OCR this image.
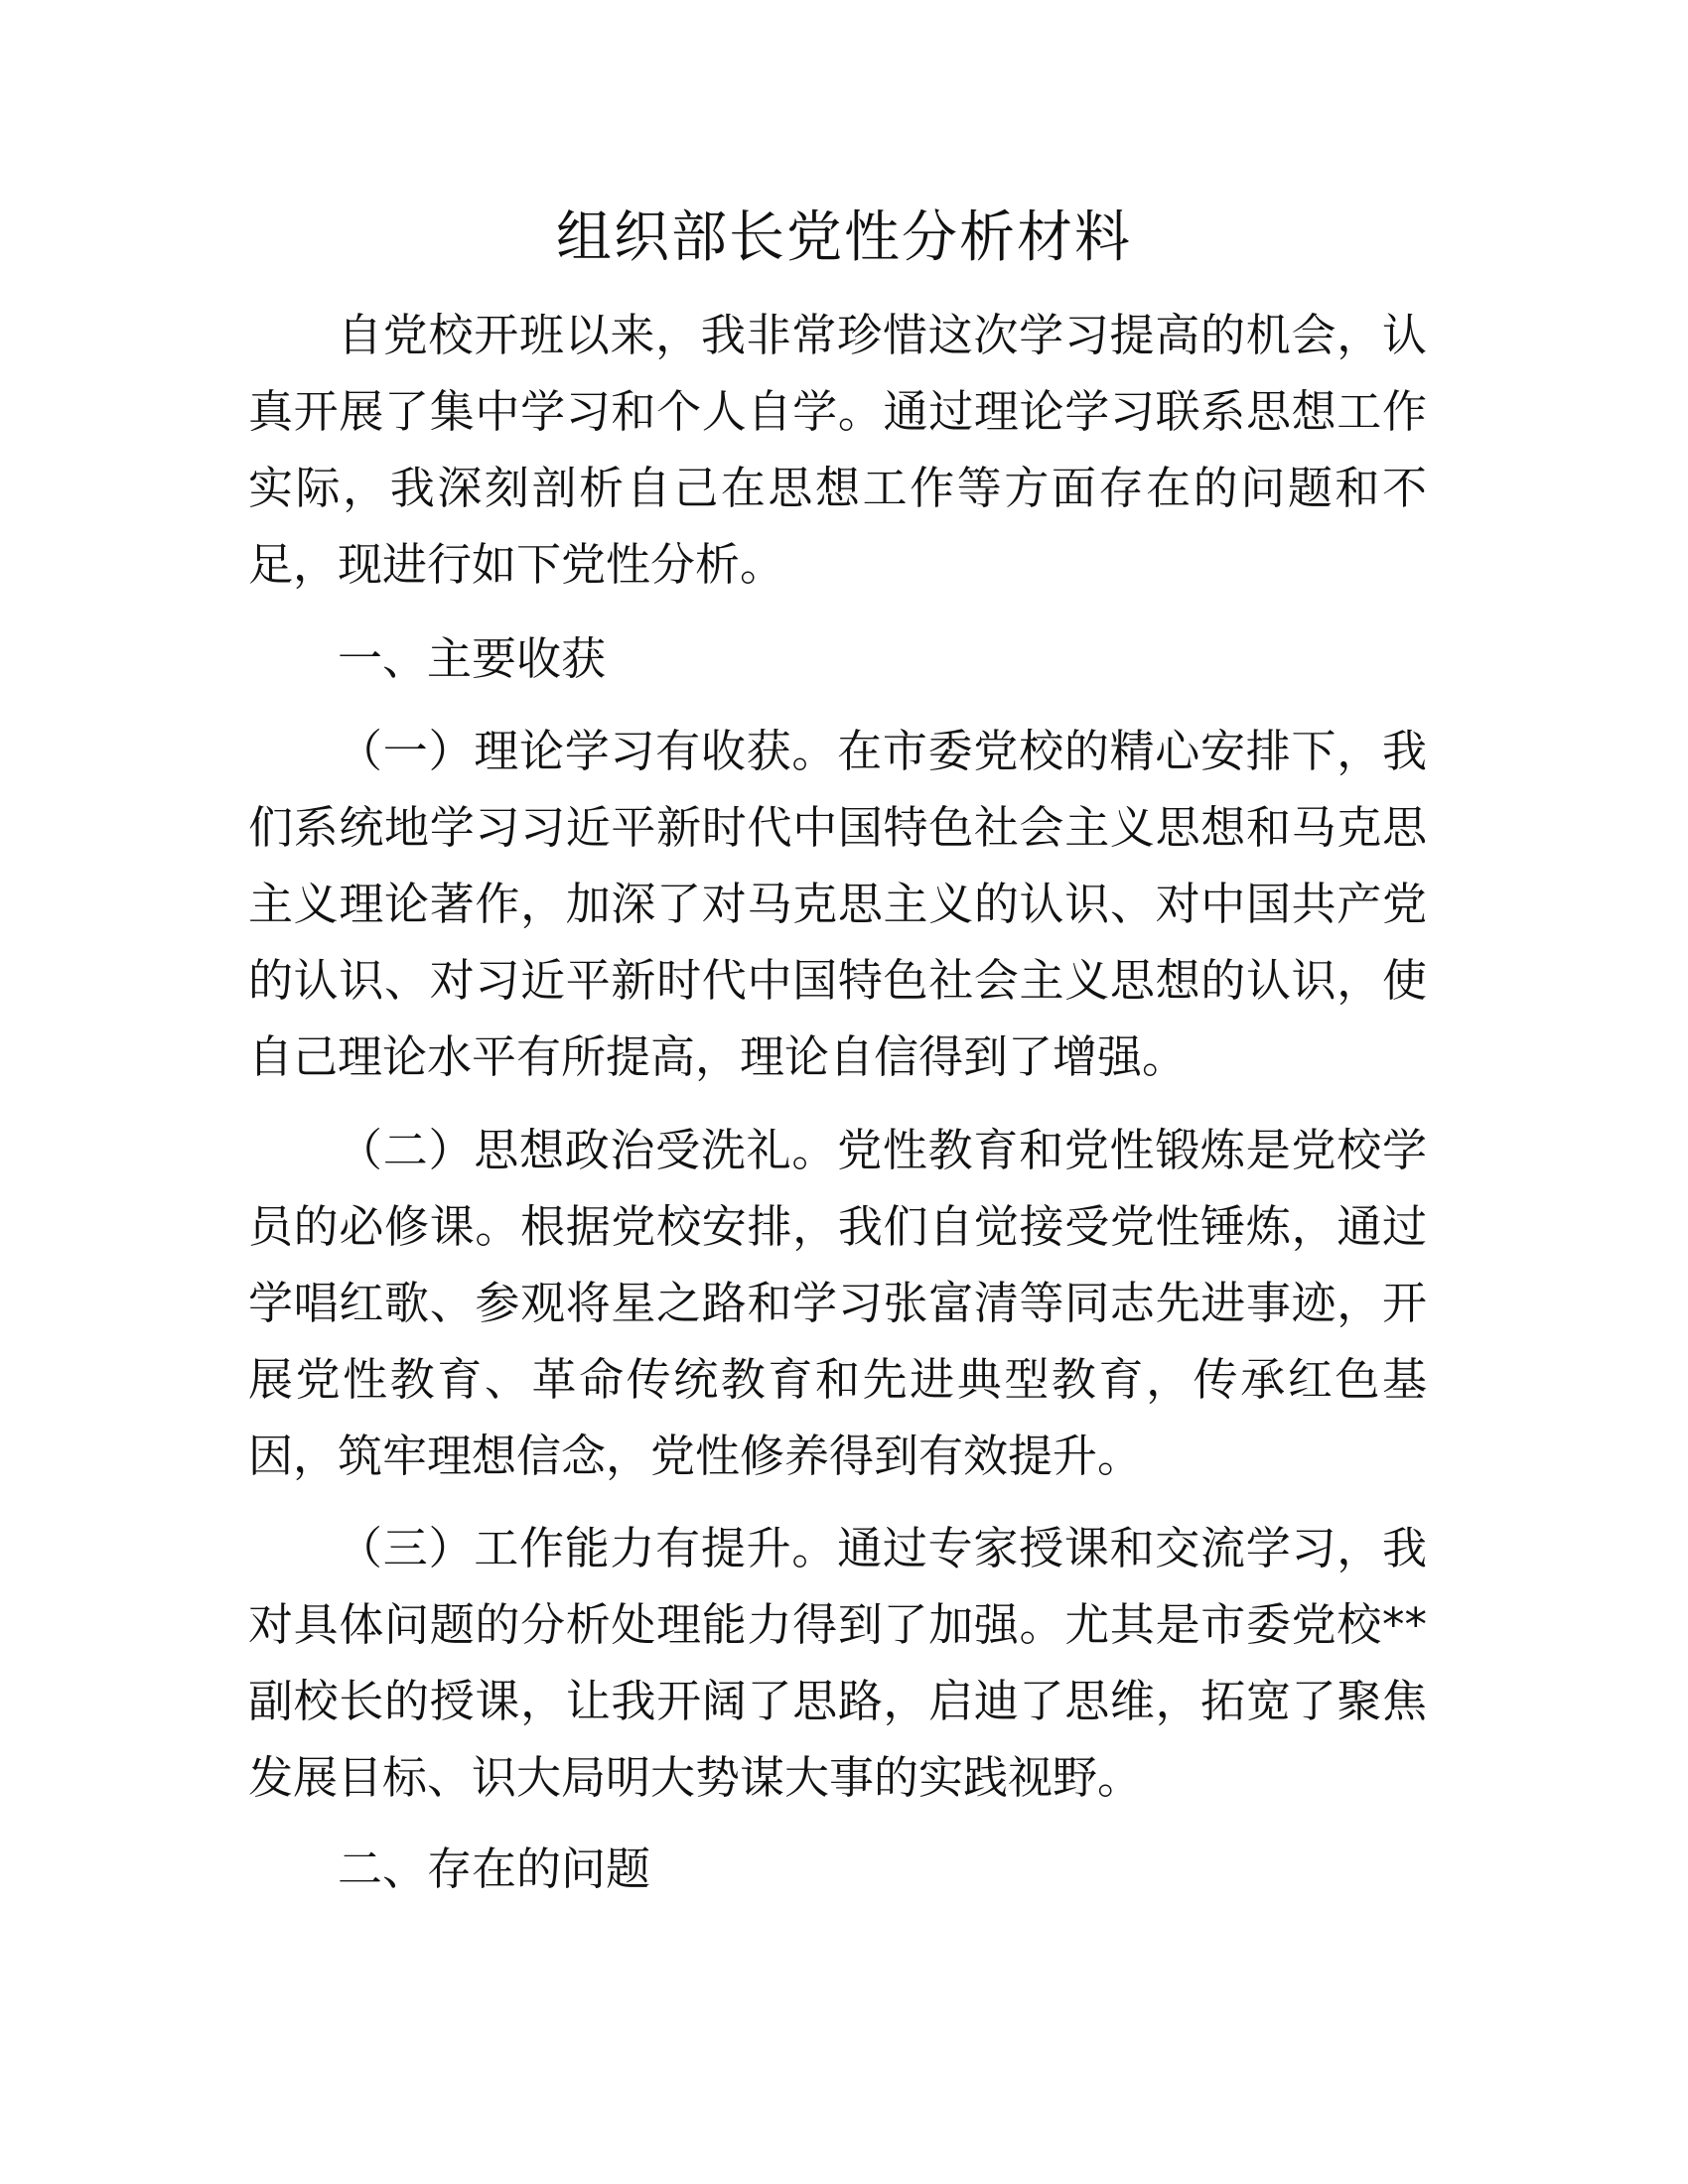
组织部长党性分析材料

自党校开班以来，我非常珍惜这次学习提高的机会，认真开展了集中学习和个人自学。通过理论学习联系思想工作实际，我深刻剖析自己在思想工作等方面存在的问题和不足，现进行如下党性分析。

一、主要收获

（一）理论学习有收获。在市委党校的精心安排下，我们系统地学习习近平新时代中国特色社会主义思想和马克思主义理论著作，加深了对马克思主义的认识、对中国共产党的认识、对习近平新时代中国特色社会主义思想的认识，使自己理论水平有所提高，理论自信得到了增强。

（二）思想政治受洗礼。党性教育和党性锻炼是党校学员的必修课。根据党校安排，我们自觉接受党性锤炼，通过学唱红歌、参观将星之路和学习张富清等同志先进事迹，开展党性教育、革命传统教育和先进典型教育，传承红色基因，筑牢理想信念，党性修养得到有效提升。

（三）工作能力有提升。通过专家授课和交流学习，我对具体问题的分析处理能力得到了加强。尤其是市委党校**副校长的授课，让我开阔了思路，启迪了思维，拓宽了聚焦发展目标、识大局明大势谋大事的实践视野。

二、存在的问题
